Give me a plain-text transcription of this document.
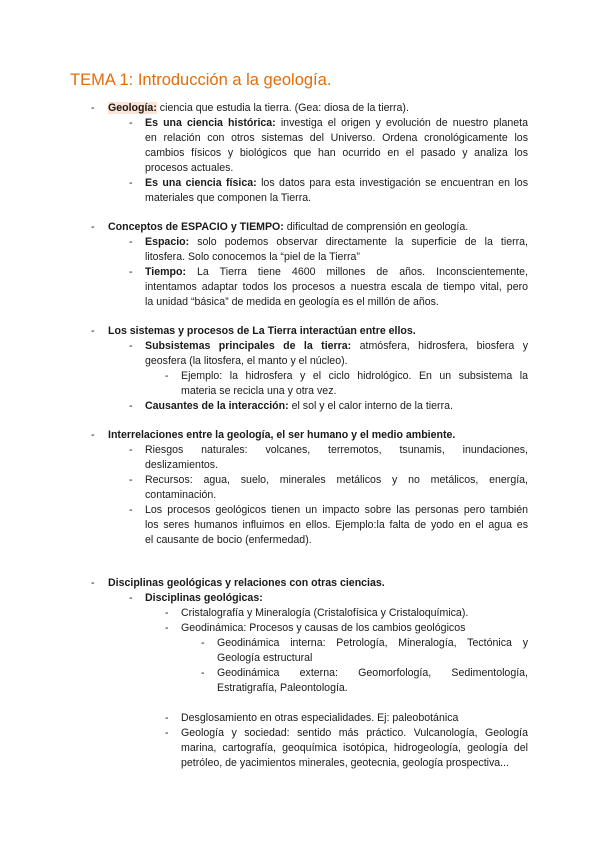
TEMA 1: Introducción a la geología.
- Geología: ciencia que estudia la tierra. (Gea: diosa de la tierra).
- Es una ciencia histórica: investiga el origen y evolución de nuestro planeta
en relación con otros sistemas del Universo. Ordena cronológicamente los
cambios físicos y biológicos que han ocurrido en el pasado y analiza los
procesos actuales.
- Es una ciencia física: los datos para esta investigación se encuentran en los
materiales que componen la Tierra.
- Conceptos de ESPACIO y TIEMPO: dificultad de comprensión en geología.
- Espacio: solo podemos observar directamente la superficie de la tierra,
litosfera. Solo conocemos la “piel de la Tierra”
- Tiempo: La Tierra tiene 4600 millones de años. Inconscientemente,
intentamos adaptar todos los procesos a nuestra escala de tiempo vital, pero
la unidad “básica” de medida en geología es el millón de años.
- Los sistemas y procesos de La Tierra interactúan entre ellos.
- Subsistemas principales de la tierra: atmósfera, hidrosfera, biosfera y
geosfera (la litosfera, el manto y el núcleo).
- Ejemplo: la hidrosfera y el ciclo hidrológico. En un subsistema la
materia se recicla una y otra vez.
- Causantes de la interacción: el sol y el calor interno de la tierra.
- Interrelaciones entre la geología, el ser humano y el medio ambiente.
- Riesgos naturales: volcanes, terremotos, tsunamis, inundaciones,
deslizamientos.
- Recursos: agua, suelo, minerales metálicos y no metálicos, energía,
contaminación.
- Los procesos geológicos tienen un impacto sobre las personas pero también
los seres humanos influimos en ellos. Ejemplo:la falta de yodo en el agua es
el causante de bocio (enfermedad).
- Disciplinas geológicas y relaciones con otras ciencias.
- Disciplinas geológicas:
- Cristalografía y Mineralogía (Cristalofísica y Cristaloquímica).
- Geodinámica: Procesos y causas de los cambios geológicos
- Geodinámica interna: Petrología, Mineralogía, Tectónica y
Geología estructural
- Geodinámica externa: Geomorfología, Sedimentología,
Estratigrafía, Paleontología.
- Desglosamiento en otras especialidades. Ej: paleobotánica
- Geología y sociedad: sentido más práctico. Vulcanología, Geología
marina, cartografía, geoquímica isotópica, hidrogeología, geología del
petróleo, de yacimientos minerales, geotecnia, geología prospectiva...
